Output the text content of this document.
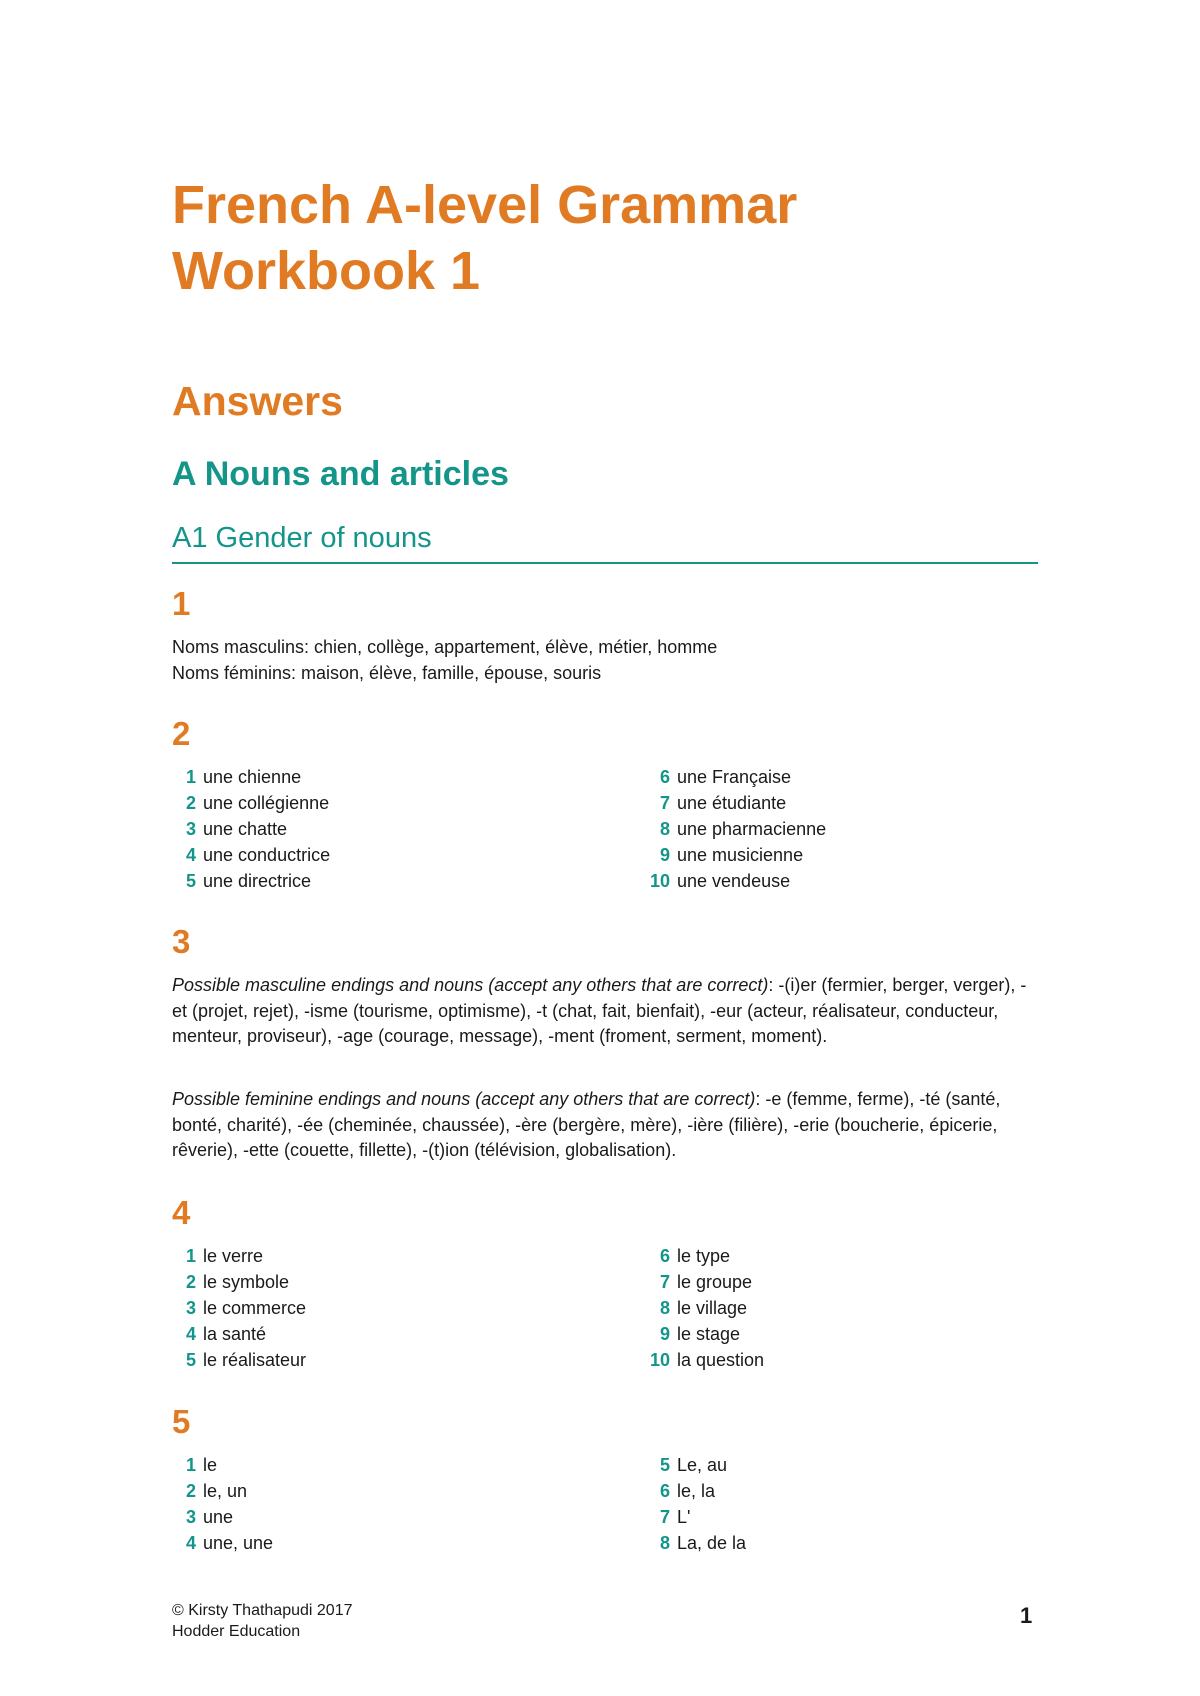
French A-level Grammar
Workbook 1
Answers
A Nouns and articles
A1 Gender of nouns
1
Noms masculins: chien, collège, appartement, élève, métier, homme
Noms féminins: maison, élève, famille, épouse, souris
2
1 une chienne
2 une collégienne
3 une chatte
4 une conductrice
5 une directrice
6 une Française
7 une étudiante
8 une pharmacienne
9 une musicienne
10 une vendeuse
3

Possible masculine endings and nouns (accept any others that are correct): -(i)er (fermier, berger, verger), -et (projet, rejet), -isme (tourisme, optimisme), -t (chat, fait, bienfait), -eur (acteur, réalisateur, conducteur, menteur, proviseur), -age (courage, message), -ment (froment, serment, moment).

Possible feminine endings and nouns (accept any others that are correct): -e (femme, ferme), -té (santé, bonté, charité), -ée (cheminée, chaussée), -ère (bergère, mère), -ière (filière), -erie (boucherie, épicerie, rêverie), -ette (couette, fillette), -(t)ion (télévision, globalisation).

4
1 le verre
2 le symbole
3 le commerce
4 la santé
5 le réalisateur
6 le type
7 le groupe
8 le village
9 le stage
10 la question
5
1 le
2 le, un
3 une
4 une, une
5 Le, au
6 le, la
7 L'
8 La, de la
© Kirsty Thathapudi 2017
Hodder Education
1
